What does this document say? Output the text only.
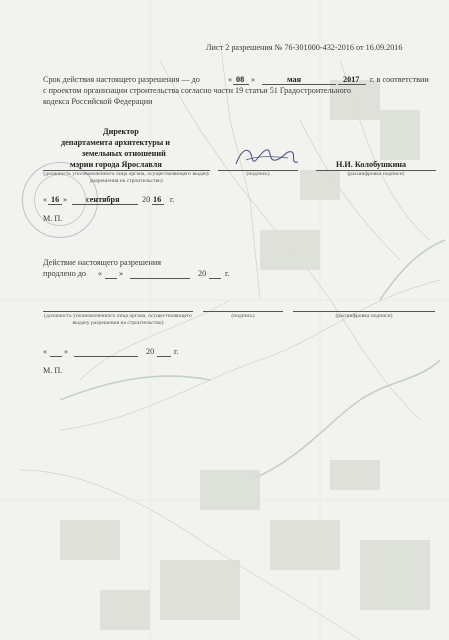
Лист 2 разрешения № 76-301000-432-2016 от 16.09.2016
Срок действия настоящего разрешения — до	« 08 »	мая	2017 г. в соответствии
с проектом организации строительства согласно части 19 статьи 51 Градостроительного
кодекса Российской Федерации
Директор
департамента архитектуры и
земельных отношений
мэрии города Ярославля
(должность уполномоченного лица органа, осуществляющего выдачу разрешения на строительство)
(подпись)
Н.И. Колобушкина
(расшифровка подписи)
« 16 » сентября	20 16 г.
М. П.
Действие настоящего разрешения
продлено до « »	20 г.
(должность уполномоченного лица органа, осуществляющего выдачу разрешения на строительство)
(подпись)	(расшифровка подписи)
« »	20 г.
М. П.
